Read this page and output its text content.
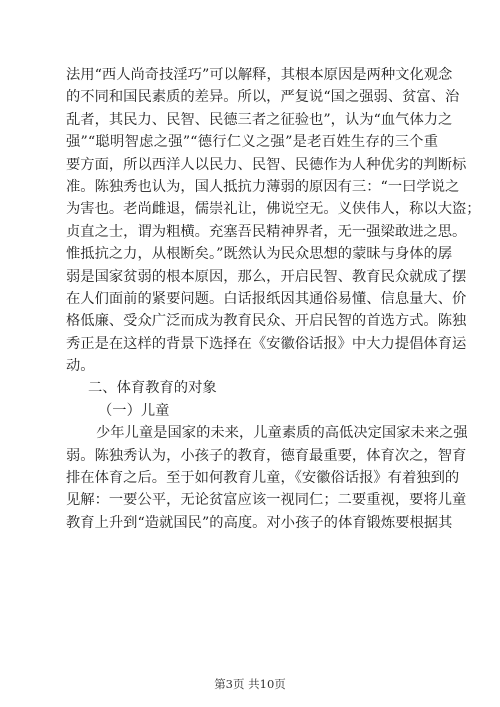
法用“西人尚奇技淫巧”可以解释，其根本原因是两种文化观念
的不同和国民素质的差异。所以，严复说“国之强弱、贫富、治
乱者，其民力、民智、民德三者之征验也”，认为“血气体力之
强”“聪明智虑之强”“德行仁义之强”是老百姓生存的三个重
要方面，所以西洋人以民力、民智、民德作为人种优劣的判断标
准。陈独秀也认为，国人抵抗力薄弱的原因有三：“一曰学说之
为害也。老尚雌退，儒崇礼让，佛说空无。义侠伟人，称以大盗；
贞直之士，谓为粗横。充塞吾民精神界者，无一强梁敢进之思。
惟抵抗之力，从根断矣。”既然认为民众思想的蒙昧与身体的孱
弱是国家贫弱的根本原因，那么，开启民智、教育民众就成了摆
在人们面前的紧要问题。白话报纸因其通俗易懂、信息量大、价
格低廉、受众广泛而成为教育民众、开启民智的首选方式。陈独
秀正是在这样的背景下选择在《安徽俗话报》中大力提倡体育运
动。
二、体育教育的对象
（一）儿童
少年儿童是国家的未来，儿童素质的高低决定国家未来之强
弱。陈独秀认为，小孩子的教育，德育最重要，体育次之，智育
排在体育之后。至于如何教育儿童，《安徽俗话报》有着独到的
见解：一要公平，无论贫富应该一视同仁；二要重视，要将儿童
教育上升到“造就国民”的高度。对小孩子的体育锻炼要根据其
第3页 共10页
